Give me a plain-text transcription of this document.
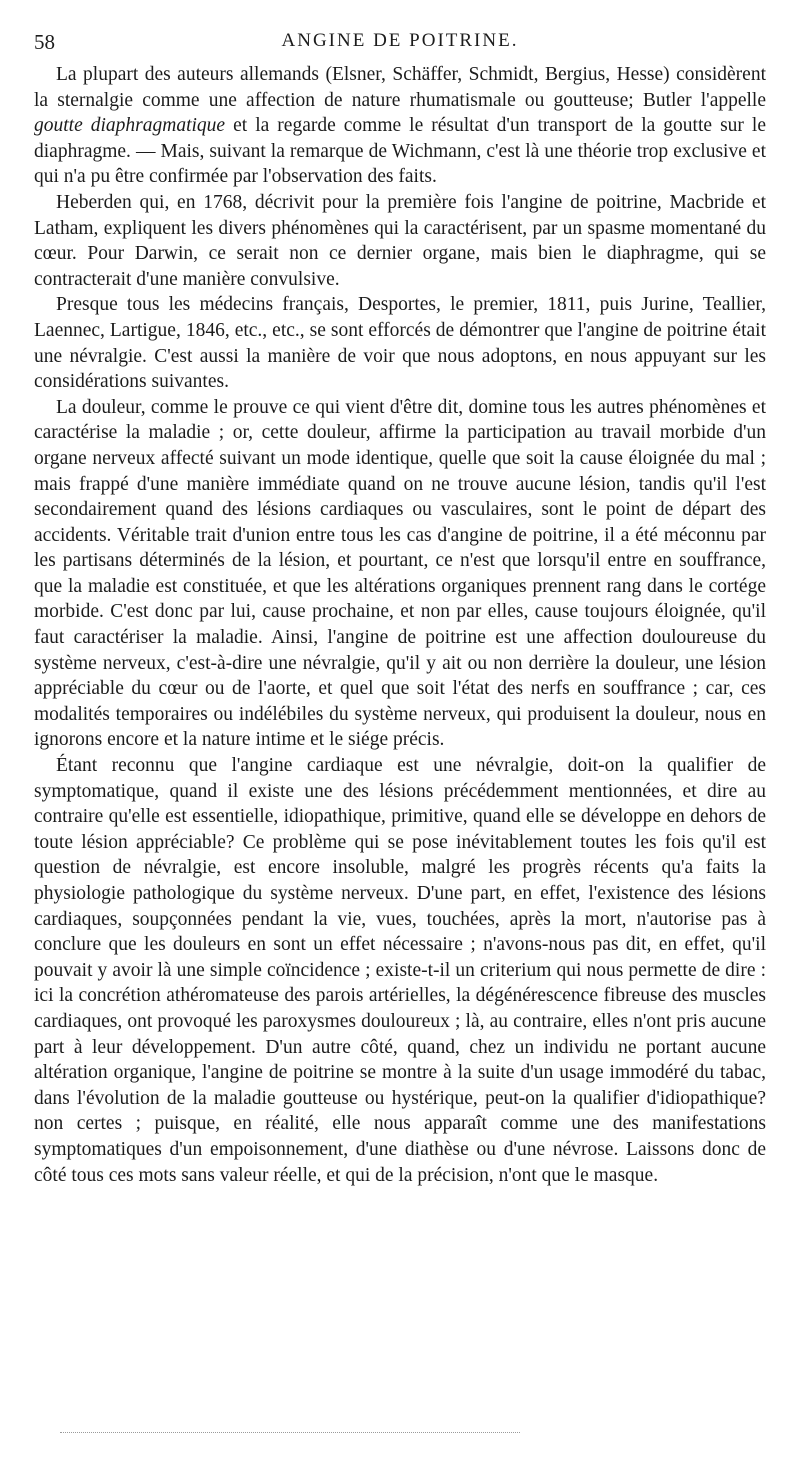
58	ANGINE DE POITRINE.

La plupart des auteurs allemands (Elsner, Schäffer, Schmidt, Bergius, Hesse) considèrent la sternalgie comme une affection de nature rhumatismale ou goutteuse; Butler l'appelle goutte diaphragmatique et la regarde comme le résultat d'un transport de la goutte sur le diaphragme. — Mais, suivant la remarque de Wichmann, c'est là une théorie trop exclusive et qui n'a pu être confirmée par l'observation des faits.

Heberden qui, en 1768, décrivit pour la première fois l'angine de poitrine, Macbride et Latham, expliquent les divers phénomènes qui la caractérisent, par un spasme momentané du cœur. Pour Darwin, ce serait non ce dernier organe, mais bien le diaphragme, qui se contracterait d'une manière convulsive.

Presque tous les médecins français, Desportes, le premier, 1811, puis Jurine, Teallier, Laennec, Lartigue, 1846, etc., etc., se sont efforcés de démontrer que l'angine de poitrine était une névralgie. C'est aussi la manière de voir que nous adoptons, en nous appuyant sur les considérations suivantes.

La douleur, comme le prouve ce qui vient d'être dit, domine tous les autres phénomènes et caractérise la maladie ; or, cette douleur, affirme la participation au travail morbide d'un organe nerveux affecté suivant un mode identique, quelle que soit la cause éloignée du mal ; mais frappé d'une manière immédiate quand on ne trouve aucune lésion, tandis qu'il l'est secondairement quand des lésions cardiaques ou vasculaires, sont le point de départ des accidents. Véritable trait d'union entre tous les cas d'angine de poitrine, il a été méconnu par les partisans déterminés de la lésion, et pourtant, ce n'est que lorsqu'il entre en souffrance, que la maladie est constituée, et que les altérations organiques prennent rang dans le cortége morbide. C'est donc par lui, cause prochaine, et non par elles, cause toujours éloignée, qu'il faut caractériser la maladie. Ainsi, l'angine de poitrine est une affection douloureuse du système nerveux, c'est-à-dire une névralgie, qu'il y ait ou non derrière la douleur, une lésion appréciable du cœur ou de l'aorte, et quel que soit l'état des nerfs en souffrance ; car, ces modalités temporaires ou indélébiles du système nerveux, qui produisent la douleur, nous en ignorons encore et la nature intime et le siége précis.

Étant reconnu que l'angine cardiaque est une névralgie, doit-on la qualifier de symptomatique, quand il existe une des lésions précédemment mentionnées, et dire au contraire qu'elle est essentielle, idiopathique, primitive, quand elle se développe en dehors de toute lésion appréciable? Ce problème qui se pose inévitablement toutes les fois qu'il est question de névralgie, est encore insoluble, malgré les progrès récents qu'a faits la physiologie pathologique du système nerveux. D'une part, en effet, l'existence des lésions cardiaques, soupçonnées pendant la vie, vues, touchées, après la mort, n'autorise pas à conclure que les douleurs en sont un effet nécessaire ; n'avons-nous pas dit, en effet, qu'il pouvait y avoir là une simple coïncidence ; existe-t-il un criterium qui nous permette de dire : ici la concrétion athéromateuse des parois artérielles, la dégénérescence fibreuse des muscles cardiaques, ont provoqué les paroxysmes douloureux ; là, au contraire, elles n'ont pris aucune part à leur développement. D'un autre côté, quand, chez un individu ne portant aucune altération organique, l'angine de poitrine se montre à la suite d'un usage immodéré du tabac, dans l'évolution de la maladie goutteuse ou hystérique, peut-on la qualifier d'idiopathique? non certes ; puisque, en réalité, elle nous apparaît comme une des manifestations symptomatiques d'un empoisonnement, d'une diathèse ou d'une névrose. Laissons donc de côté tous ces mots sans valeur réelle, et qui de la précision, n'ont que le masque.
